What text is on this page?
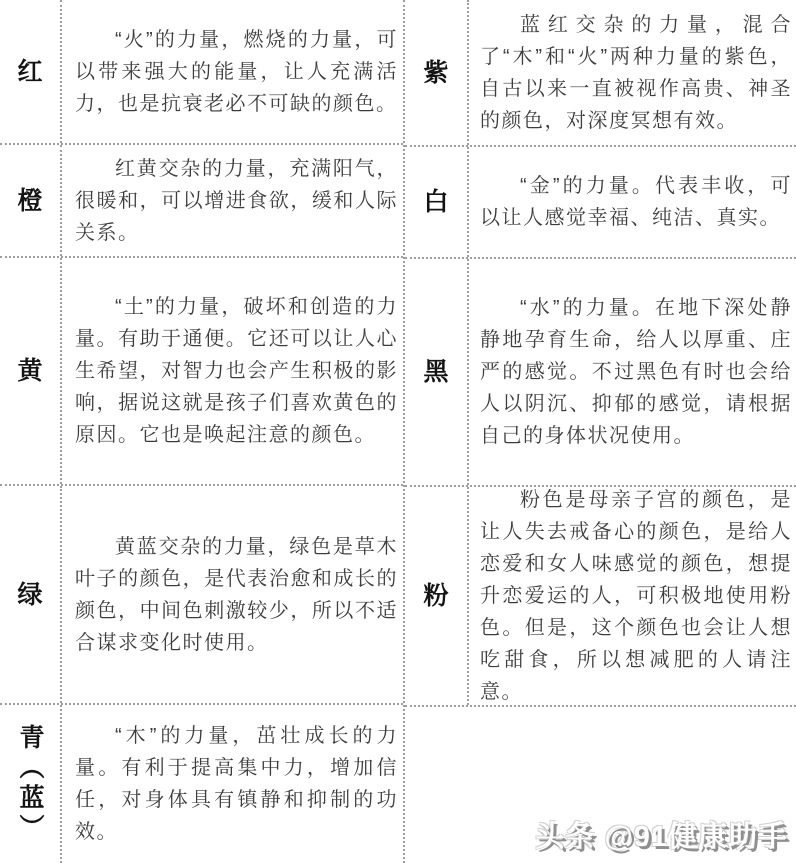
红

“火”的力量，燃烧的力量，可以带来强大的能量，让人充满活力，也是抗衰老必不可缺的颜色。

橙

红黄交杂的力量，充满阳气，很暖和，可以增进食欲，缓和人际关系。

黄

“土”的力量，破坏和创造的力量。有助于通便。它还可以让人心生希望，对智力也会产生积极的影响，据说这就是孩子们喜欢黄色的原因。它也是唤起注意的颜色。

绿

黄蓝交杂的力量，绿色是草木叶子的颜色，是代表治愈和成长的颜色，中间色刺激较少，所以不适合谋求变化时使用。

青（蓝）	“木”的力量，茁壮成长的力量。有利于提高集中力，增加信任，对身体具有镇静和抑制的功效。

紫

蓝红交杂的力量，混合了“木”和“火”两种力量的紫色，自古以来一直被视作高贵、神圣的颜色，对深度冥想有效。

白

“金”的力量。代表丰收，可以让人感觉幸福、纯洁、真实。

黑

“水”的力量。在地下深处静静地孕育生命，给人以厚重、庄严的感觉。不过黑色有时也会给人以阴沉、抑郁的感觉，请根据自己的身体状况使用。

粉

粉色是母亲子宫的颜色，是让人失去戒备心的颜色，是给人恋爱和女人味感觉的颜色，想提升恋爱运的人，可积极地使用粉色。但是，这个颜色也会让人想吃甜食，所以想减肥的人请注意。

头条 @91健康助手
